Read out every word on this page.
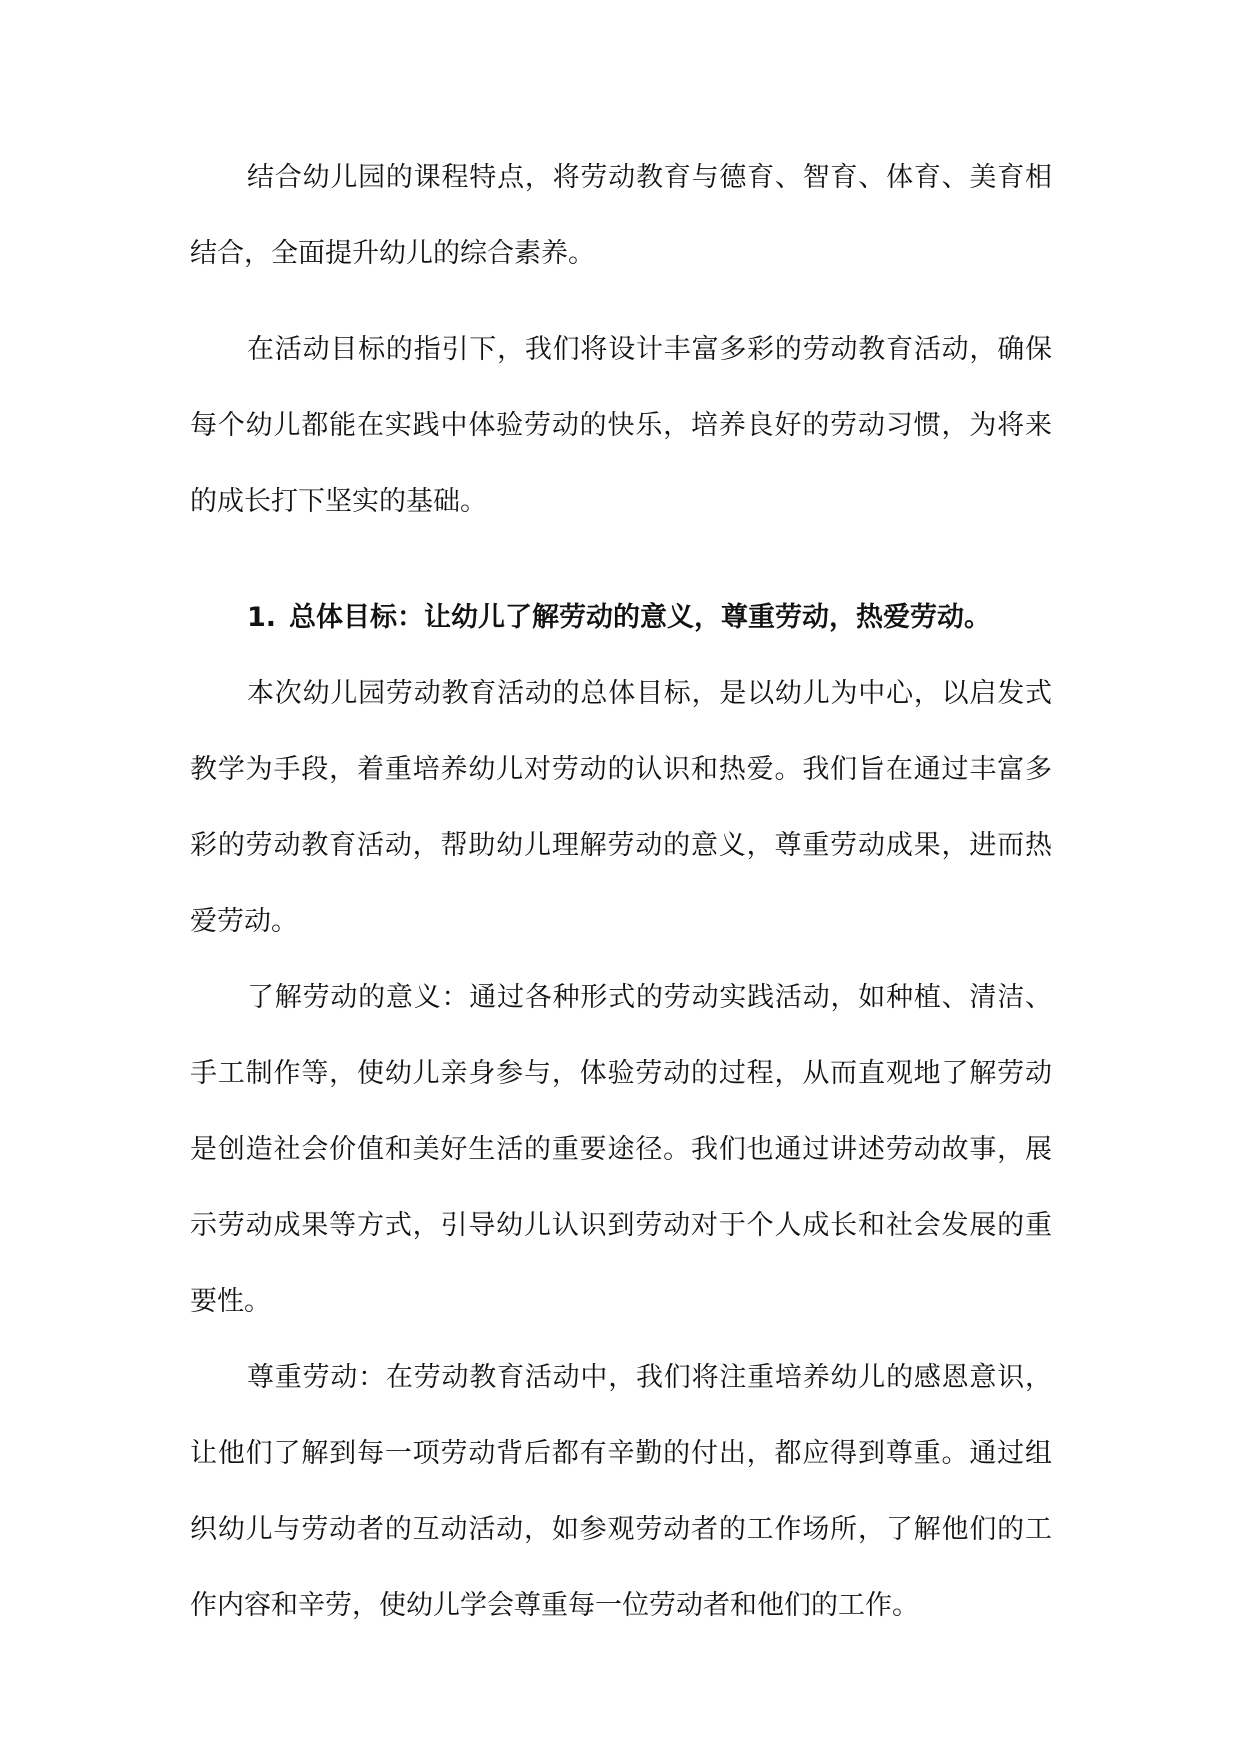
结合幼儿园的课程特点，将劳动教育与德育、智育、体育、美育相结合，全面提升幼儿的综合素养。

在活动目标的指引下，我们将设计丰富多彩的劳动教育活动，确保每个幼儿都能在实践中体验劳动的快乐，培养良好的劳动习惯，为将来的成长打下坚实的基础。

1. 总体目标：让幼儿了解劳动的意义，尊重劳动，热爱劳动。

本次幼儿园劳动教育活动的总体目标，是以幼儿为中心，以启发式教学为手段，着重培养幼儿对劳动的认识和热爱。我们旨在通过丰富多彩的劳动教育活动，帮助幼儿理解劳动的意义，尊重劳动成果，进而热爱劳动。

了解劳动的意义：通过各种形式的劳动实践活动，如种植、清洁、手工制作等，使幼儿亲身参与，体验劳动的过程，从而直观地了解劳动是创造社会价值和美好生活的重要途径。我们也通过讲述劳动故事，展示劳动成果等方式，引导幼儿认识到劳动对于个人成长和社会发展的重要性。

尊重劳动：在劳动教育活动中，我们将注重培养幼儿的感恩意识，让他们了解到每一项劳动背后都有辛勤的付出，都应得到尊重。通过组织幼儿与劳动者的互动活动，如参观劳动者的工作场所，了解他们的工作内容和辛劳，使幼儿学会尊重每一位劳动者和他们的工作。
